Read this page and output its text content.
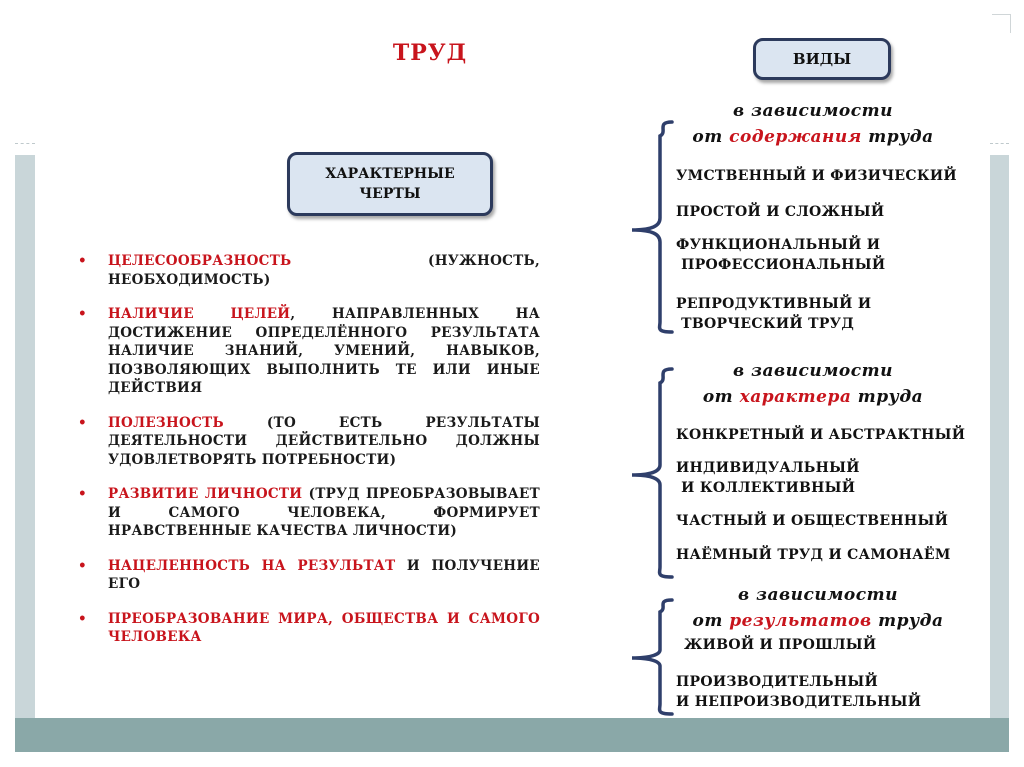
ТРУД	ВИДЫ
ХАРАКТЕРНЫЕ
ЧЕРТЫ
• ЦЕЛЕСООБРАЗНОСТЬ (НУЖНОСТЬ, НЕОБХОДИМОСТЬ)
• НАЛИЧИЕ ЦЕЛЕЙ, НАПРАВЛЕННЫХ НА ДОСТИЖЕНИЕ ОПРЕДЕЛЁННОГО РЕЗУЛЬТАТА НАЛИЧИЕ ЗНАНИЙ, УМЕНИЙ, НАВЫКОВ, ПОЗВОЛЯЮЩИХ ВЫПОЛНИТЬ ТЕ ИЛИ ИНЫЕ ДЕЙСТВИЯ
• ПОЛЕЗНОСТЬ (ТО ЕСТЬ РЕЗУЛЬТАТЫ ДЕЯТЕЛЬНОСТИ ДЕЙСТВИТЕЛЬНО ДОЛЖНЫ УДОВЛЕТВОРЯТЬ ПОТРЕБНОСТИ)
• РАЗВИТИЕ ЛИЧНОСТИ (ТРУД ПРЕОБРАЗОВЫВАЕТ И САМОГО ЧЕЛОВЕКА, ФОРМИРУЕТ НРАВСТВЕННЫЕ КАЧЕСТВА ЛИЧНОСТИ)
• НАЦЕЛЕННОСТЬ НА РЕЗУЛЬТАТ И ПОЛУЧЕНИЕ ЕГО
• ПРЕОБРАЗОВАНИЕ МИРА, ОБЩЕСТВА И САМОГО ЧЕЛОВЕКА
в зависимости
от содержания труда
УМСТВЕННЫЙ И ФИЗИЧЕСКИЙ
ПРОСТОЙ И СЛОЖНЫЙ
ФУНКЦИОНАЛЬНЫЙ И
ПРОФЕССИОНАЛЬНЫЙ
РЕПРОДУКТИВНЫЙ И
ТВОРЧЕСКИЙ ТРУД
в зависимости
от характера труда
КОНКРЕТНЫЙ И АБСТРАКТНЫЙ
ИНДИВИДУАЛЬНЫЙ
И КОЛЛЕКТИВНЫЙ
ЧАСТНЫЙ И ОБЩЕСТВЕННЫЙ
НАЁМНЫЙ ТРУД И САМОНАЁМ
в зависимости
от результатов труда
ЖИВОЙ И ПРОШЛЫЙ
ПРОИЗВОДИТЕЛЬНЫЙ
И НЕПРОИЗВОДИТЕЛЬНЫЙ
